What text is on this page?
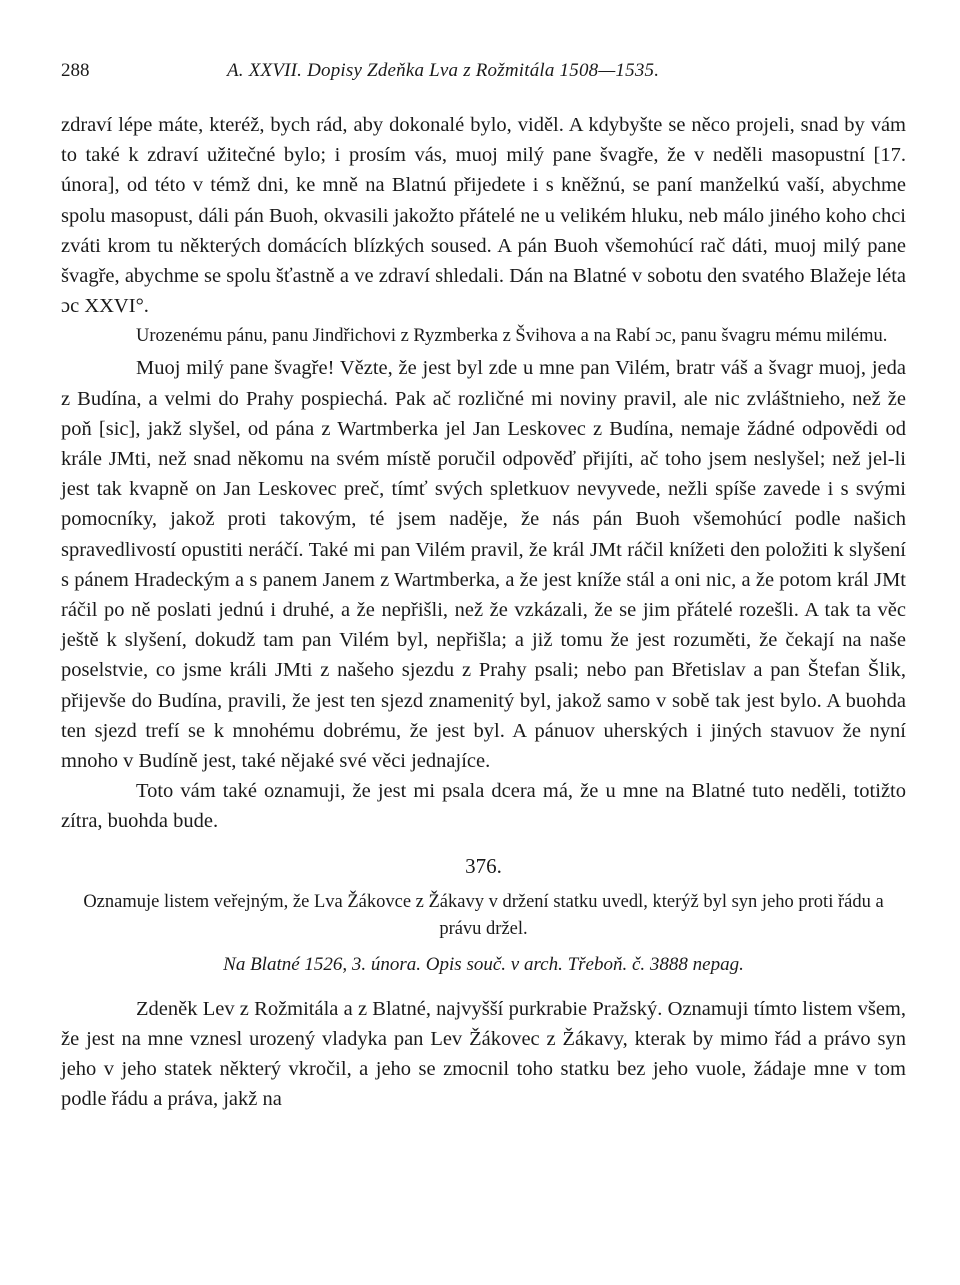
288	A. XXVII. Dopisy Zdeňka Lva z Rožmitála 1508—1535.

zdraví lépe máte, kteréž, bych rád, aby dokonalé bylo, viděl. A kdybyšte se něco projeli, snad by vám to také k zdraví užitečné bylo; i prosím vás, muoj milý pane švagře, že v neděli masopustní [17. února], od této v témž dni, ke mně na Blatnú přijedete i s kněžnú, se paní manželkú vaší, abychme spolu masopust, dáli pán Buoh, okvasili jakožto přátelé ne u velikém hluku, neb málo jiného koho chci zváti krom tu některých domácích blízkých soused. A pán Buoh všemohúcí rač dáti, muoj milý pane švagře, abychme se spolu šťastně a ve zdraví shledali. Dán na Blatné v sobotu den svatého Blažeje léta ɔc XXVI°.

Urozenému pánu, panu Jindřichovi z Ryzmberka z Švihova a na Rabí ɔc, panu švagru mému milému.

Muoj milý pane švagře! Vězte, že jest byl zde u mne pan Vilém, bratr váš a švagr muoj, jeda z Budína, a velmi do Prahy pospiechá. Pak ač rozličné mi noviny pravil, ale nic zvláštnieho, než že poň [sic], jakž slyšel, od pána z Wartmberka jel Jan Leskovec z Budína, nemaje žádné odpovědi od krále JMti, než snad někomu na svém místě poručil odpověď přijíti, ač toho jsem neslyšel; než jel-li jest tak kvapně on Jan Leskovec preč, tímť svých spletkuov nevyvede, nežli spíše zavede i s svými pomocníky, jakož proti takovým, té jsem naděje, že nás pán Buoh všemohúcí podle našich spravedlivostí opustiti neráčí. Také mi pan Vilém pravil, že král JMt ráčil knížeti den položiti k slyšení s pánem Hradeckým a s panem Janem z Wartmberka, a že jest kníže stál a oni nic, a že potom král JMt ráčil po ně poslati jednú i druhé, a že nepřišli, než že vzkázali, že se jim přátelé rozešli. A tak ta věc ještě k slyšení, dokudž tam pan Vilém byl, nepřišla; a již tomu že jest rozuměti, že čekají na naše poselstvie, co jsme králi JMti z našeho sjezdu z Prahy psali; nebo pan Břetislav a pan Štefan Šlik, přijevše do Budína, pravili, že jest ten sjezd znamenitý byl, jakož samo v sobě tak jest bylo. A buohda ten sjezd trefí se k mnohému dobrému, že jest byl. A pánuov uherských i jiných stavuov že nyní mnoho v Budíně jest, také nějaké své věci jednajíce.

Toto vám také oznamuji, že jest mi psala dcera má, že u mne na Blatné tuto neděli, totižto zítra, buohda bude.

376.
Oznamuje listem veřejným, že Lva Žákovce z Žákavy v držení statku uvedl, kterýž byl syn jeho proti řádu a právu držel.
Na Blatné 1526, 3. února. Opis souč. v arch. Třeboň. č. 3888 nepag.

Zdeněk Lev z Rožmitála a z Blatné, najvyšší purkrabie Pražský. Oznamuji tímto listem všem, že jest na mne vznesl urozený vladyka pan Lev Žákovec z Žákavy, kterak by mimo řád a právo syn jeho v jeho statek některý vkročil, a jeho se zmocnil toho statku bez jeho vuole, žádaje mne v tom podle řádu a práva, jakž na
